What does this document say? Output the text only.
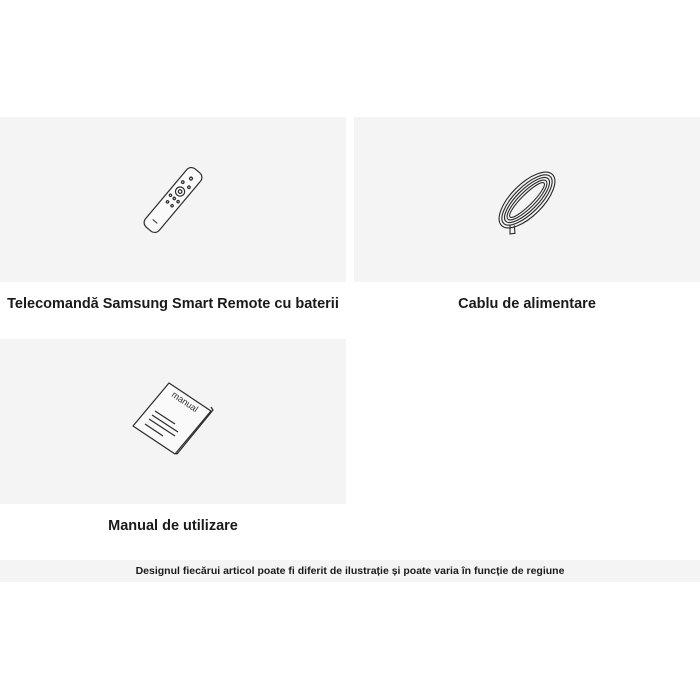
Telecomandă Samsung Smart Remote cu baterii	Cablu de alimentare
manual
Manual de utilizare
Designul fiecărui articol poate fi diferit de ilustrație și poate varia în funcție de regiune
